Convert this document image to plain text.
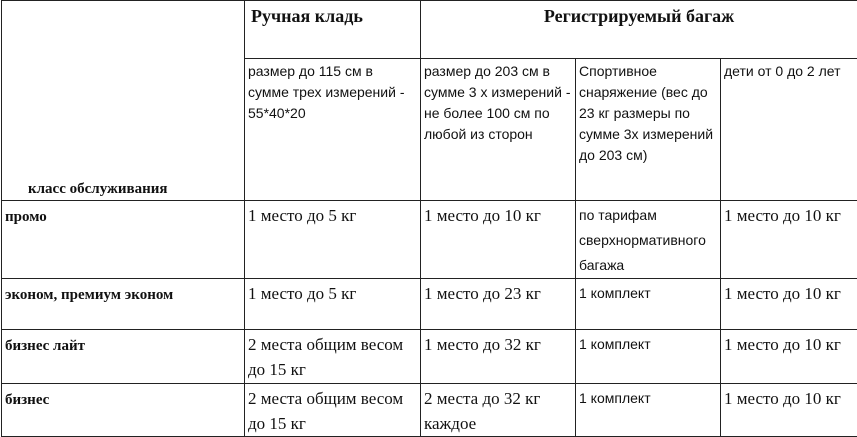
класс обслуживания	Ручная кладь	Регистрируемый багаж		
	размер до 115 см в сумме трех измерений - 55*40*20	размер до 203 см в сумме 3 х измерений - не более 100 см по любой из сторон	Спортивное снаряжение (вес до 23 кг размеры по сумме 3х измерений до 203 см)	дети от 0 до 2 лет
промо	1 место до 5 кг	1 место до 10 кг	по тарифам сверхнормативного багажа	1 место до 10 кг
эконом, премиум эконом	1 место до 5 кг	1 место до 23 кг	1 комплект	1 место до 10 кг
бизнес лайт	2 места общим весом до 15 кг	1 место до 32 кг	1 комплект	1 место до 10 кг
бизнес	2 места общим весом до 15 кг	2 места до 32 кг каждое	1 комплект	1 место до 10 кг
